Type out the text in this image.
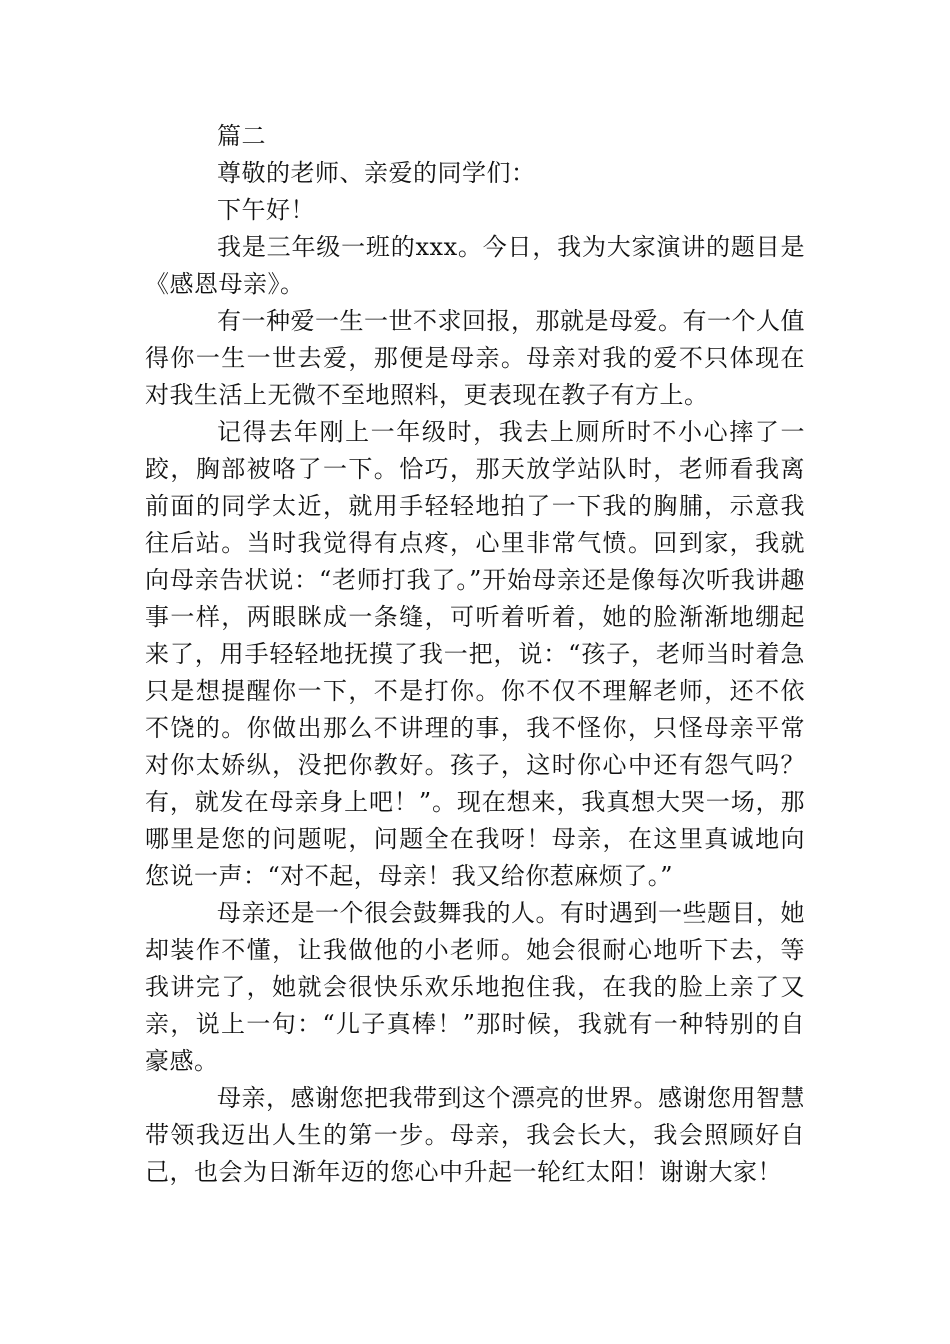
篇二

尊敬的老师、亲爱的同学们：

下午好！

我是三年级一班的xxx。今日，我为大家演讲的题目是《感恩母亲》。

有一种爱一生一世不求回报，那就是母爱。有一个人值得你一生一世去爱，那便是母亲。母亲对我的爱不只体现在对我生活上无微不至地照料，更表现在教子有方上。

记得去年刚上一年级时，我去上厕所时不小心摔了一跤，胸部被咯了一下。恰巧，那天放学站队时，老师看我离前面的同学太近，就用手轻轻地拍了一下我的胸脯，示意我往后站。当时我觉得有点疼，心里非常气愤。回到家，我就向母亲告状说：“老师打我了。”开始母亲还是像每次听我讲趣事一样，两眼眯成一条缝，可听着听着，她的脸渐渐地绷起来了，用手轻轻地抚摸了我一把，说：“孩子，老师当时着急只是想提醒你一下，不是打你。你不仅不理解老师，还不依不饶的。你做出那么不讲理的事，我不怪你，只怪母亲平常对你太娇纵，没把你教好。孩子，这时你心中还有怨气吗？有，就发在母亲身上吧！”。现在想来，我真想大哭一场，那哪里是您的问题呢，问题全在我呀！母亲，在这里真诚地向您说一声：“对不起，母亲！我又给你惹麻烦了。”

母亲还是一个很会鼓舞我的人。有时遇到一些题目，她却装作不懂，让我做他的小老师。她会很耐心地听下去，等我讲完了，她就会很快乐欢乐地抱住我，在我的脸上亲了又亲，说上一句：“儿子真棒！”那时候，我就有一种特别的自豪感。

母亲，感谢您把我带到这个漂亮的世界。感谢您用智慧带领我迈出人生的第一步。母亲，我会长大，我会照顾好自己，也会为日渐年迈的您心中升起一轮红太阳！谢谢大家！
